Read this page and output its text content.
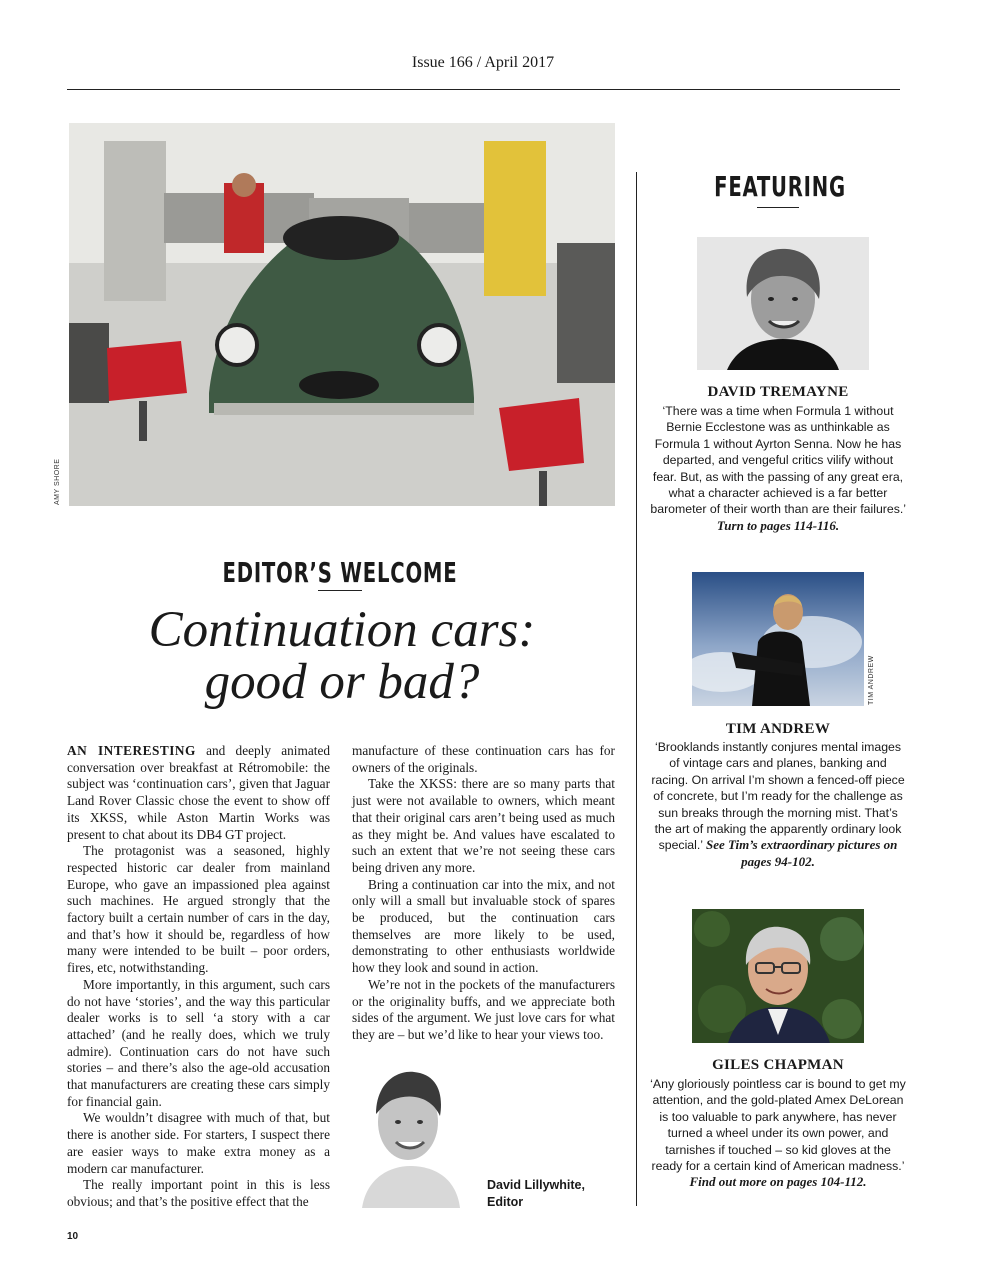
Issue 166 / April 2017
AMY SHORE
EDITOR’S WELCOME
Continuation cars:
good or bad?

AN INTERESTING and deeply animated conversation over breakfast at Rétromobile: the subject was ‘continuation cars’, given that Jaguar Land Rover Classic chose the event to show off its XKSS, while Aston Martin Works was present to chat about its DB4 GT project.

The protagonist was a seasoned, highly respected historic car dealer from mainland Europe, who gave an impassioned plea against such machines. He argued strongly that the factory built a certain number of cars in the day, and that’s how it should be, regardless of how many were intended to be built – poor orders, fires, etc, notwithstanding.

More importantly, in this argument, such cars do not have ‘stories’, and the way this particular dealer works is to sell ‘a story with a car attached’ (and he really does, which we truly admire). Continuation cars do not have such stories – and there’s also the age-old accusation that manufacturers are creating these cars simply for financial gain.

We wouldn’t disagree with much of that, but there is another side. For starters, I suspect there are easier ways to make extra money as a modern car manufacturer.

The really important point in this is less obvious; and that’s the positive effect that the

manufacture of these continuation cars has for owners of the originals.

Take the XKSS: there are so many parts that just were not available to owners, which meant that their original cars aren’t being used as much as they might be. And values have escalated to such an extent that we’re not seeing these cars being driven any more.

Bring a continuation car into the mix, and not only will a small but invaluable stock of spares be produced, but the continuation cars themselves are more likely to be used, demonstrating to other enthusiasts worldwide how they look and sound in action.

We’re not in the pockets of the manufacturers or the originality buffs, and we appreciate both sides of the argument. We just love cars for what they are – but we’d like to hear your views too.

David Lillywhite,
Editor
10
FEATURING
DAVID TREMAYNE
‘There was a time when Formula 1 without Bernie Ecclestone was as unthinkable as Formula 1 without Ayrton Senna. Now he has departed, and vengeful critics vilify without fear. But, as with the passing of any great era, what a character achieved is a far better barometer of their worth than are their failures.’ Turn to pages 114-116.
TIM ANDREW
TIM ANDREW
‘Brooklands instantly conjures mental images of vintage cars and planes, banking and racing. On arrival I’m shown a fenced-off piece of concrete, but I’m ready for the challenge as sun breaks through the morning mist. That’s the art of making the apparently ordinary look special.’ See Tim’s extraordinary pictures on pages 94-102.
GILES CHAPMAN
‘Any gloriously pointless car is bound to get my attention, and the gold-plated Amex DeLorean is too valuable to park anywhere, has never turned a wheel under its own power, and tarnishes if touched – so kid gloves at the ready for a certain kind of American madness.’
Find out more on pages 104-112.
